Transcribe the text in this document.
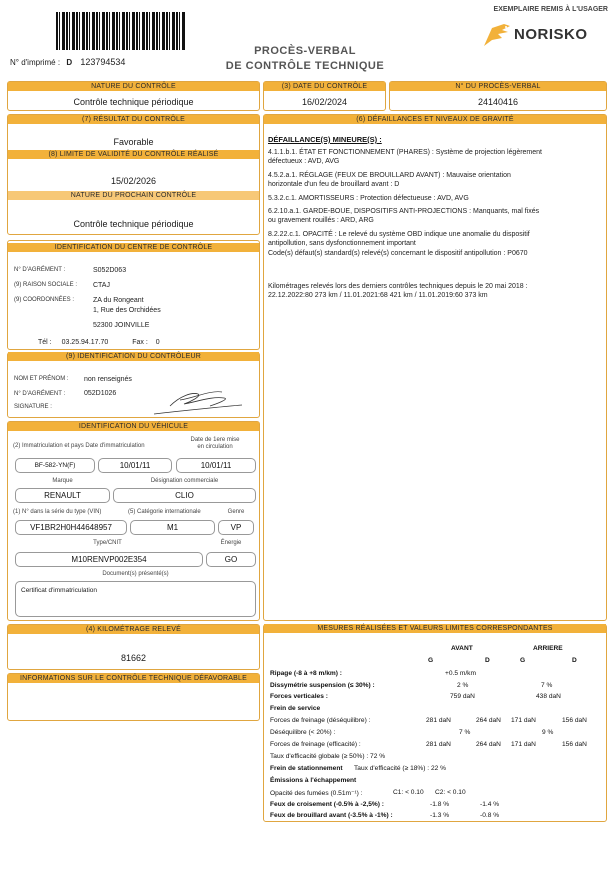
N° d'imprimé : D 123794534
PROCÈS-VERBAL
DE CONTRÔLE TECHNIQUE
EXEMPLAIRE REMIS À L'USAGER
NORISKO
NATURE DU CONTRÔLE
Contrôle technique périodique
(3) DATE DU CONTRÔLE
16/02/2024
N° DU PROCÈS-VERBAL
24140416
(7) RÉSULTAT DU CONTRÔLE
Favorable
(8) LIMITE DE VALIDITÉ DU CONTRÔLE RÉALISÉ
15/02/2026
NATURE DU PROCHAIN CONTRÔLE
Contrôle technique périodique
IDENTIFICATION DU CENTRE DE CONTRÔLE
N° D'AGRÉMENT :	S052D063
(9) RAISON SOCIALE : CTAJ
(9) COORDONNÉES :	ZA du Rongeant
1, Rue des Orchidées
52300 JOINVILLE
Tél : 03.25.94.17.70	Fax : 0
(9) IDENTIFICATION DU CONTRÔLEUR
NOM ET PRÉNOM : non renseignés
N° D'AGRÉMENT :	052D1026
SIGNATURE :
IDENTIFICATION DU VÉHICULE
(2) Immatriculation et pays Date d'immatriculation
Date de 1ere mise
en circulation
BF-582-YN(F)	10/01/11	10/01/11
Marque	Désignation commerciale
RENAULT	CLIO
(1) N° dans la série du type (VIN)	(5) Catégorie internationale	Genre
VF1BR2H0H44648957	M1	VP
Type/CNIT	Énergie
M10RENVP002E354	GO
Document(s) présenté(s)
Certificat d'immatriculation
(4) KILOMÉTRAGE RELEVÉ
81662
INFORMATIONS SUR LE CONTRÔLE TECHNIQUE DÉFAVORABLE
(6) DÉFAILLANCES ET NIVEAUX DE GRAVITÉ
DÉFAILLANCE(S) MINEURE(S) :
4.1.1.b.1. ÉTAT ET FONCTIONNEMENT (PHARES) : Système de projection légèrement
défectueux : AVD, AVG
4.5.2.a.1. RÉGLAGE (FEUX DE BROUILLARD AVANT) : Mauvaise orientation
horizontale d'un feu de brouillard avant : D
5.3.2.c.1. AMORTISSEURS : Protection défectueuse : AVD, AVG
6.2.10.a.1. GARDE-BOUE, DISPOSITIFS ANTI-PROJECTIONS : Manquants, mal fixés
ou gravement rouillés : ARD, ARG
8.2.22.c.1. OPACITÉ : Le relevé du système OBD indique une anomalie du dispositif
antipollution, sans dysfonctionnement important
Code(s) défaut(s) standard(s) relevé(s) concernant le dispositif antipollution : P0670
Kilométrages relevés lors des derniers contrôles techniques depuis le 20 mai 2018 :
22.12.2022:80 273 km / 11.01.2021:68 421 km / 11.01.2019:60 373 km
MESURES RÉALISÉES ET VALEURS LIMITES CORRESPONDANTES
AVANT	ARRIERE
G	D	G	D
Ripage (-8 à +8 m/km) :	+0.5 m/km
Dissymétrie suspension (≤ 30%) :	2 %	7 %
Forces verticales :	759 daN	438 daN
Frein de service
Forces de freinage (déséquilibre) :	281 daN	264 daN 171 daN	156 daN
Déséquilibre (< 20%) :	7 %	9 %
Forces de freinage (efficacité) :	281 daN	264 daN 171 daN	156 daN
Taux d'efficacité globale (≥ 50%) : 72 %
Frein de stationnement Taux d'efficacité (≥ 18%) : 22 %
Émissions à l'échappement
Opacité des fumées (0.51m⁻¹) :	C1: < 0.10 C2: < 0.10
Feux de croisement (-0.5% à -2,5%) :	-1.8 %	-1.4 %
Feux de brouillard avant (-3.5% à -1%) :	-1.3 %	-0.8 %
